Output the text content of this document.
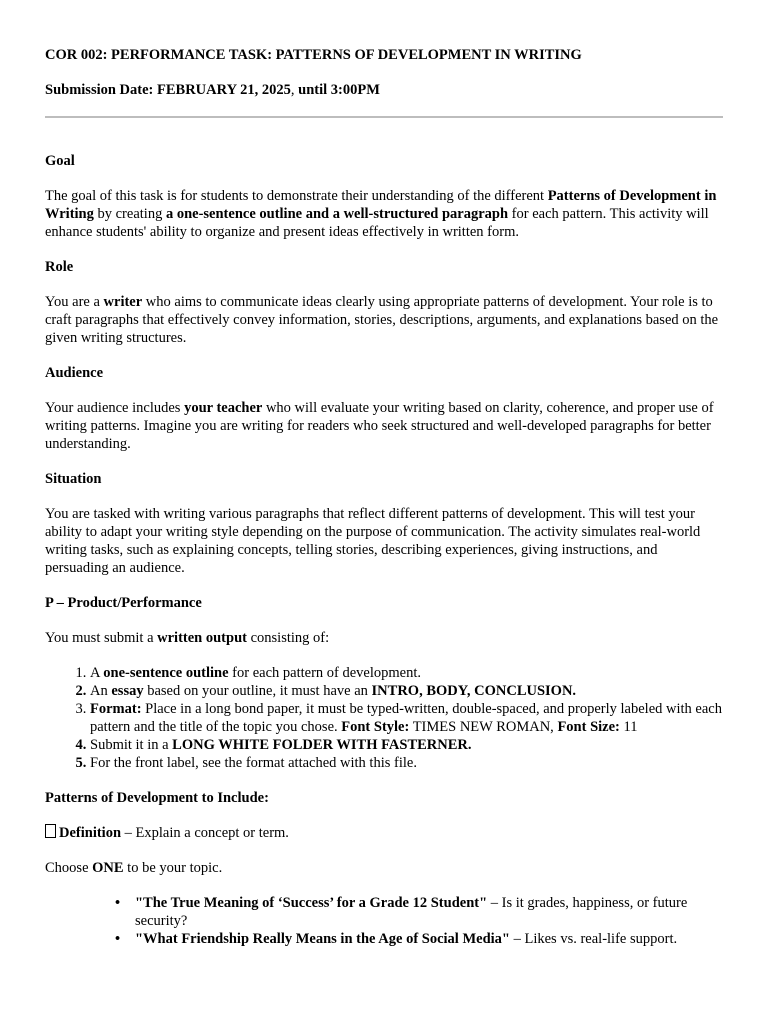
COR 002: PERFORMANCE TASK: PATTERNS OF DEVELOPMENT IN WRITING

Submission Date: FEBRUARY 21, 2025, until 3:00PM

Goal

The goal of this task is for students to demonstrate their understanding of the different Patterns of Development in Writing by creating a one-sentence outline and a well-structured paragraph for each pattern. This activity will enhance students' ability to organize and present ideas effectively in written form.

Role

You are a writer who aims to communicate ideas clearly using appropriate patterns of development. Your role is to craft paragraphs that effectively convey information, stories, descriptions, arguments, and explanations based on the given writing structures.

Audience

Your audience includes your teacher who will evaluate your writing based on clarity, coherence, and proper use of writing patterns. Imagine you are writing for readers who seek structured and well-developed paragraphs for better understanding.

Situation

You are tasked with writing various paragraphs that reflect different patterns of development. This will test your ability to adapt your writing style depending on the purpose of communication. The activity simulates real-world writing tasks, such as explaining concepts, telling stories, describing experiences, giving instructions, and persuading an audience.

P – Product/Performance

You must submit a written output consisting of:

1. A one-sentence outline for each pattern of development.
2. An essay based on your outline, it must have an INTRO, BODY, CONCLUSION.
3. Format: Place in a long bond paper, it must be typed-written, double-spaced, and properly labeled with each pattern and the title of the topic you chose. Font Style: TIMES NEW ROMAN, Font Size: 11
4. Submit it in a LONG WHITE FOLDER WITH FASTERNER.
5. For the front label, see the format attached with this file.
Patterns of Development to Include:

Definition – Explain a concept or term.

Choose ONE to be your topic.

• "The True Meaning of ‘Success’ for a Grade 12 Student" – Is it grades, happiness, or future security?
• "What Friendship Really Means in the Age of Social Media" – Likes vs. real-life support.
